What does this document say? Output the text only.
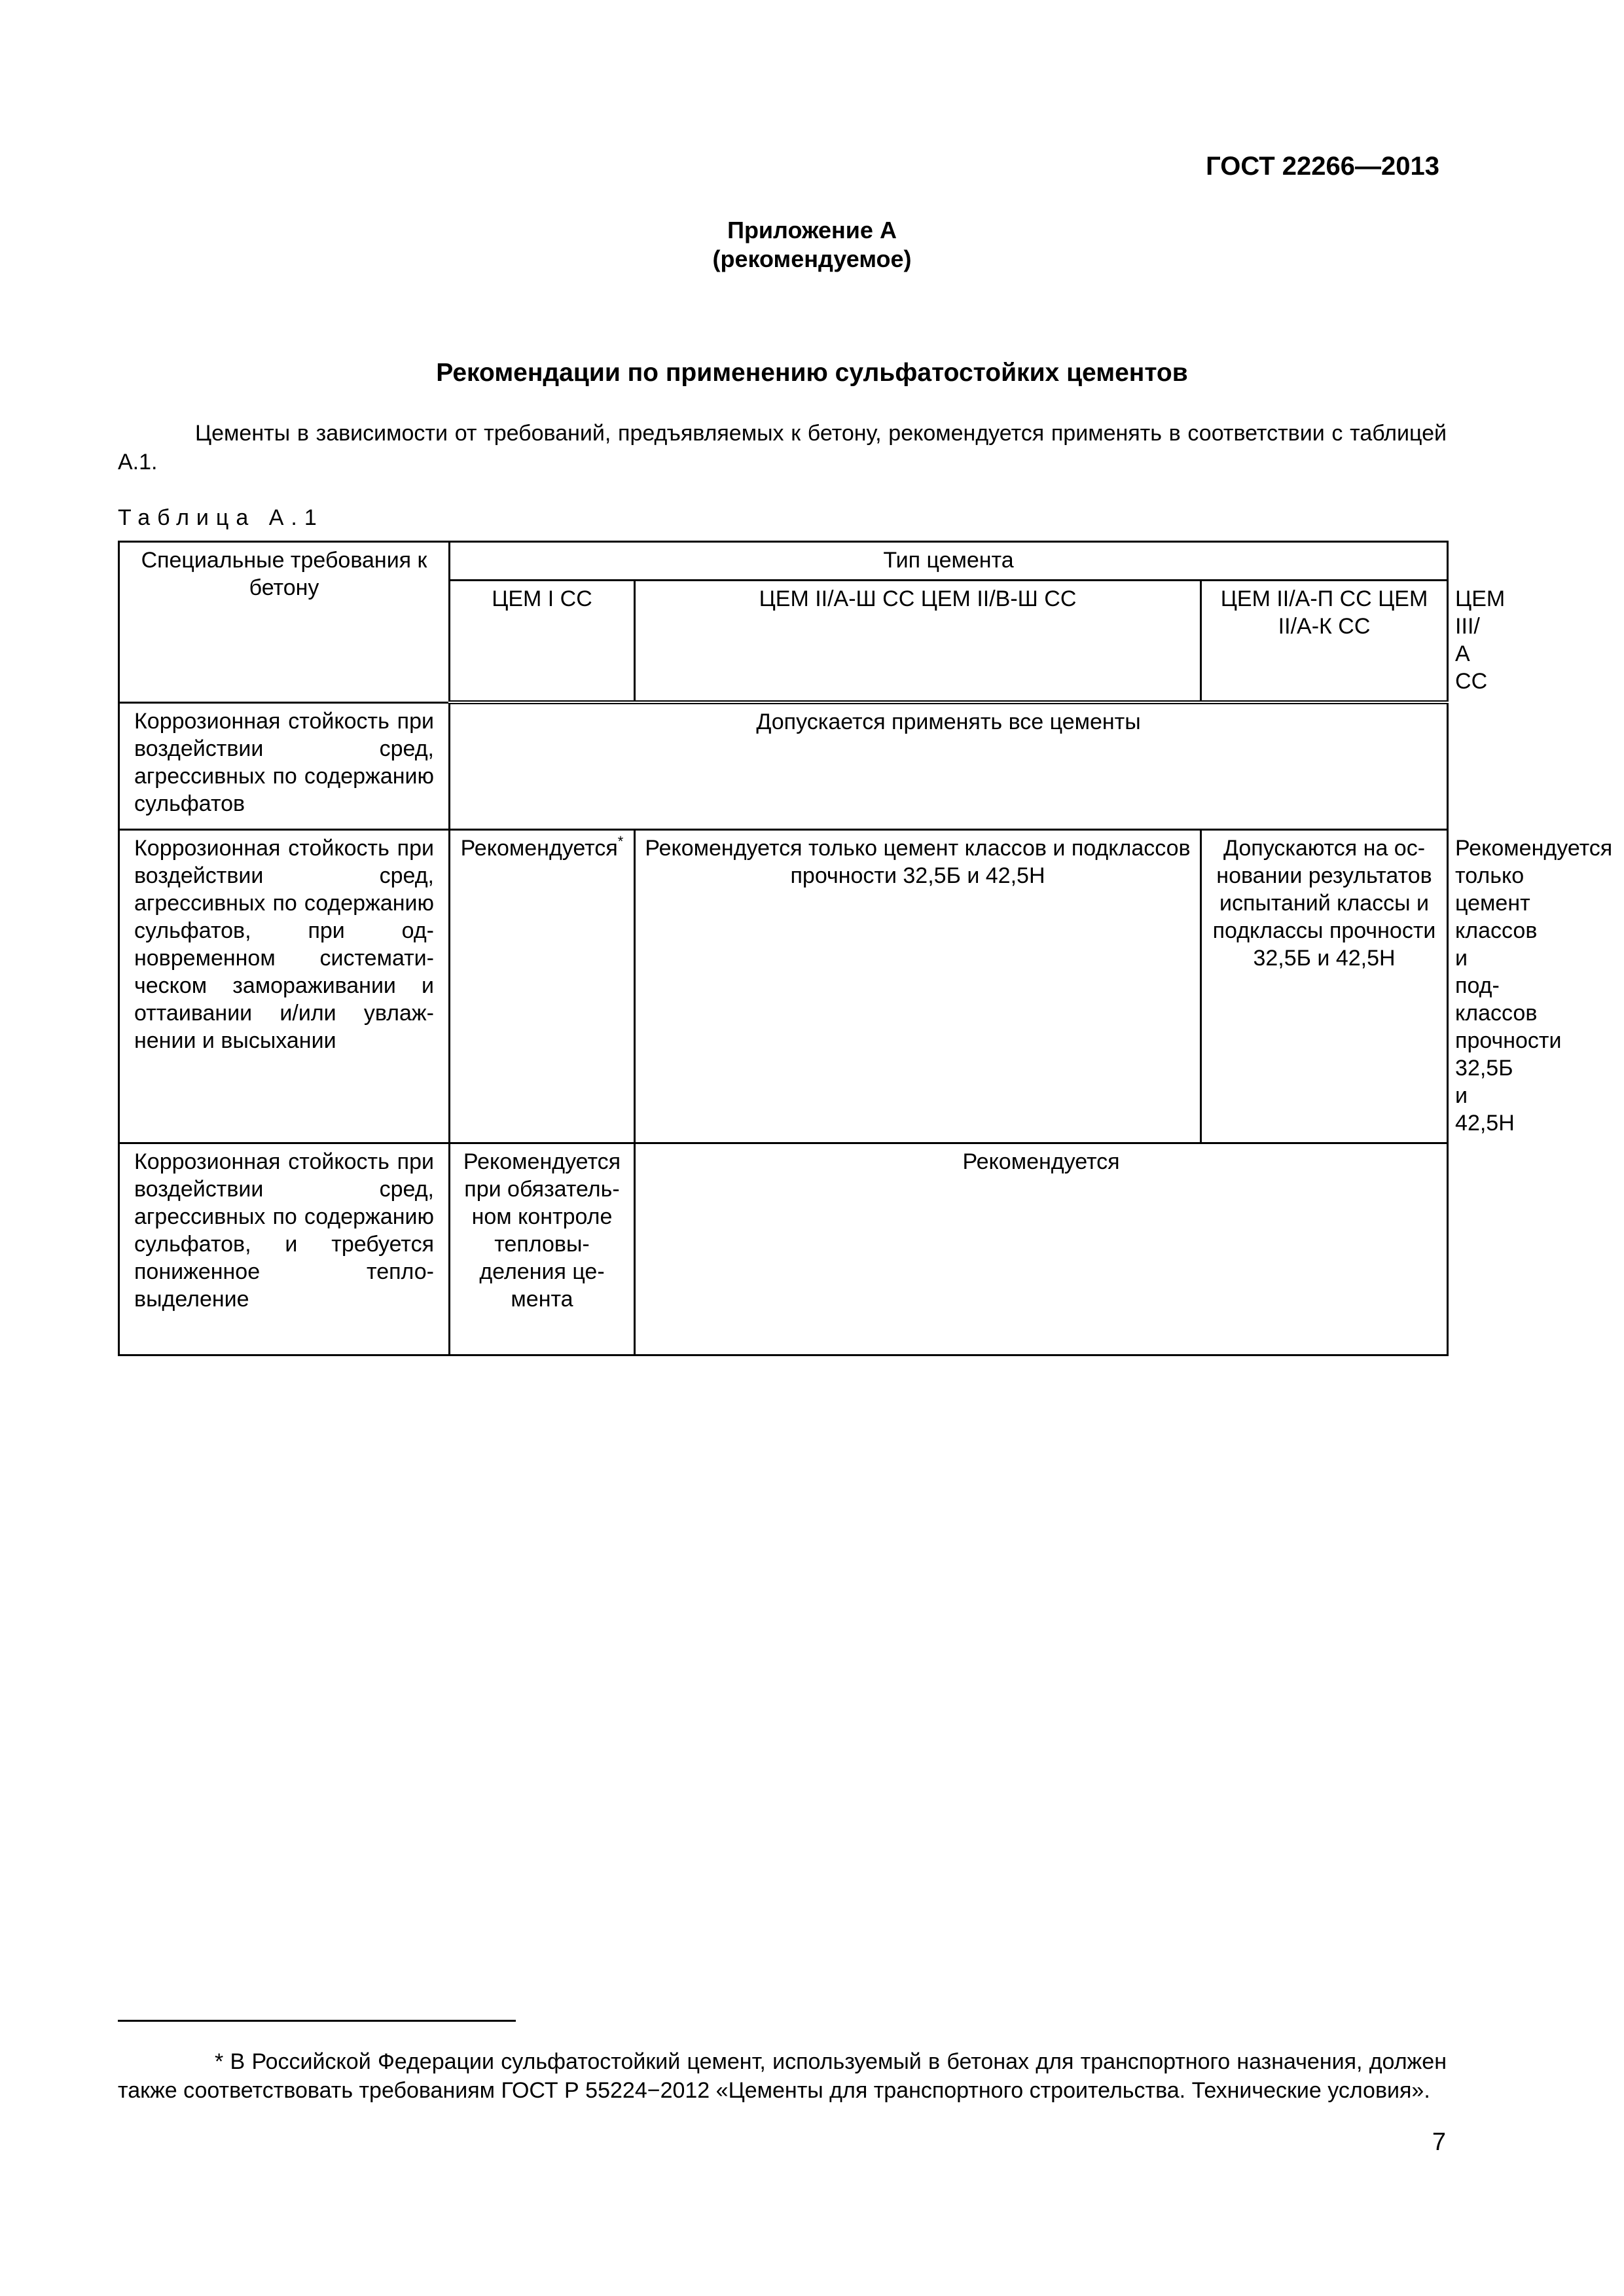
ГОСТ 22266—2013
Приложение А
(рекомендуемое)
Рекомендации по применению сульфатостойких цементов

Цементы в зависимости от требований, предъявляемых к бетону, рекомендуется применять в соответствии с таблицей А.1.

Таблица А.1
Специальные требования к бетону	Тип цемента			
	ЦЕМ I СС	ЦЕМ II/А-Ш СС ЦЕМ II/В-Ш СС	ЦЕМ II/А-П СС ЦЕМ II/А-К СС	ЦЕМ III/А СС
Коррозионная стойкость при воздействии сред, агрессивных по содержанию сульфатов	Допускается применять все цементы			
Коррозионная стойкость при воздействии сред, агрессивных по содержанию сульфатов, при одновременном систематическом замораживании и оттаивании и/или увлажнении и высыхании	Рекомендуется*	Рекомендуется только цемент классов и подклассов прочности 32,5Б и 42,5Н	Допускаются на основании результатов испытаний классы и подклассы прочности 32,5Б и 42,5Н	Рекомендуется только цемент классов и подклассов прочности 32,5Б и 42,5Н
Коррозионная стойкость при воздействии сред, агрессивных по содержанию сульфатов, и требуется пониженное тепловыделение	Рекомендуется при обязательном контроле тепловыделения цемента	Рекомендуется		

* В Российской Федерации сульфатостойкий цемент, используемый в бетонах для транспортного назначения, должен также соответствовать требованиям ГОСТ Р 55224−2012 «Цементы для транспортного строительства. Технические условия».

7
